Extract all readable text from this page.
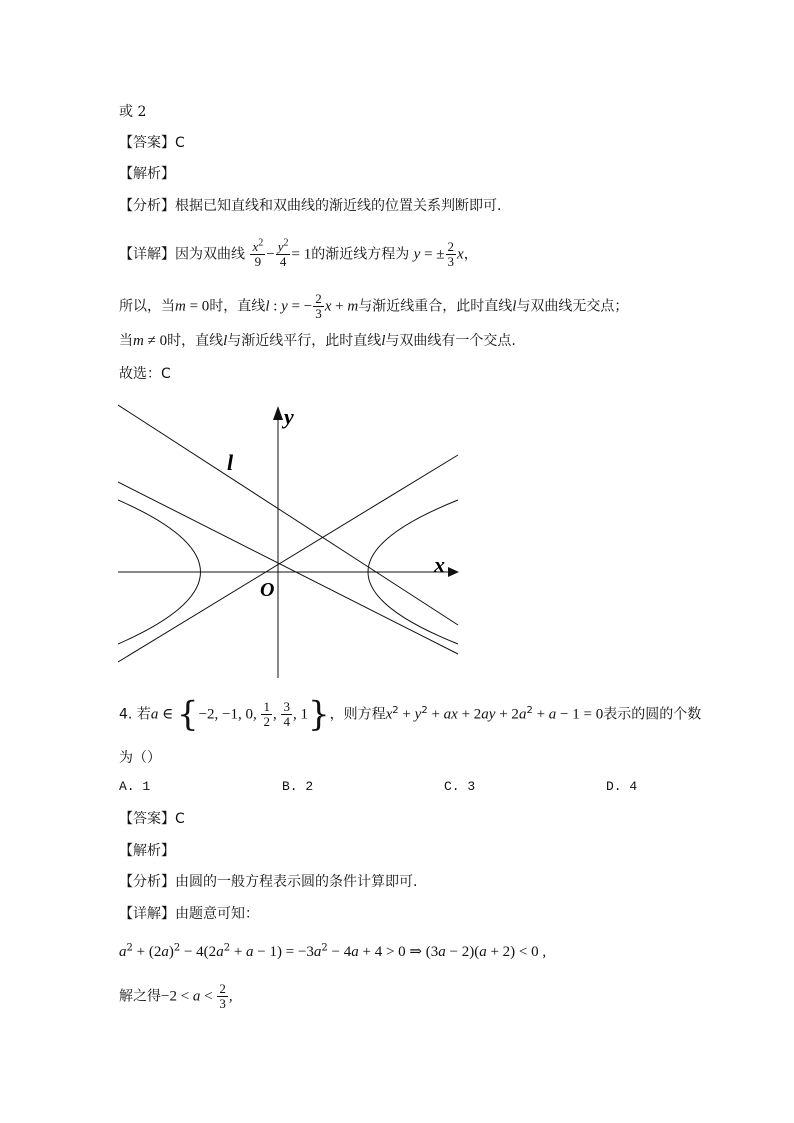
或 2
【答案】C
【解析】
【分析】根据已知直线和双曲线的渐近线的位置关系判断即可.
【详解】因为双曲线 $\frac{x^2}{9} - \frac{y^2}{4} = 1$的渐近线方程为 y = ± $\frac{2}{3}$ x，
所以，当m = 0时，直线l : y = − $\frac{2}{3}$ x + m与渐近线重合，此时直线l与双曲线无交点；
当m ≠ 0时，直线l与渐近线平行，此时直线l与双曲线有一个交点.
故选：C
y
x
O
l
4. 若a ∈ {−2, −1, 0, $\frac{1}{2}$ , $\frac{3}{4}$ , 1}，则方程$x^2 + y^2$ + ax + $2ay + 2a^2 + a - 1 = 0$表示的圆的个数
为（）
A. 1	B. 2	C. 3	D. 4
【答案】C
【解析】
【分析】由圆的一般方程表示圆的条件计算即可.
【详解】由题意可知：
$a^2 + (2a)^2 - 4(2a^2 + a - 1) = -3a^2 - 4a + 4 > 0$ ⇒ (3a − 2)(a + 2) < 0 ,
解之得$-2 < a < \frac{2}{3}$ ,
